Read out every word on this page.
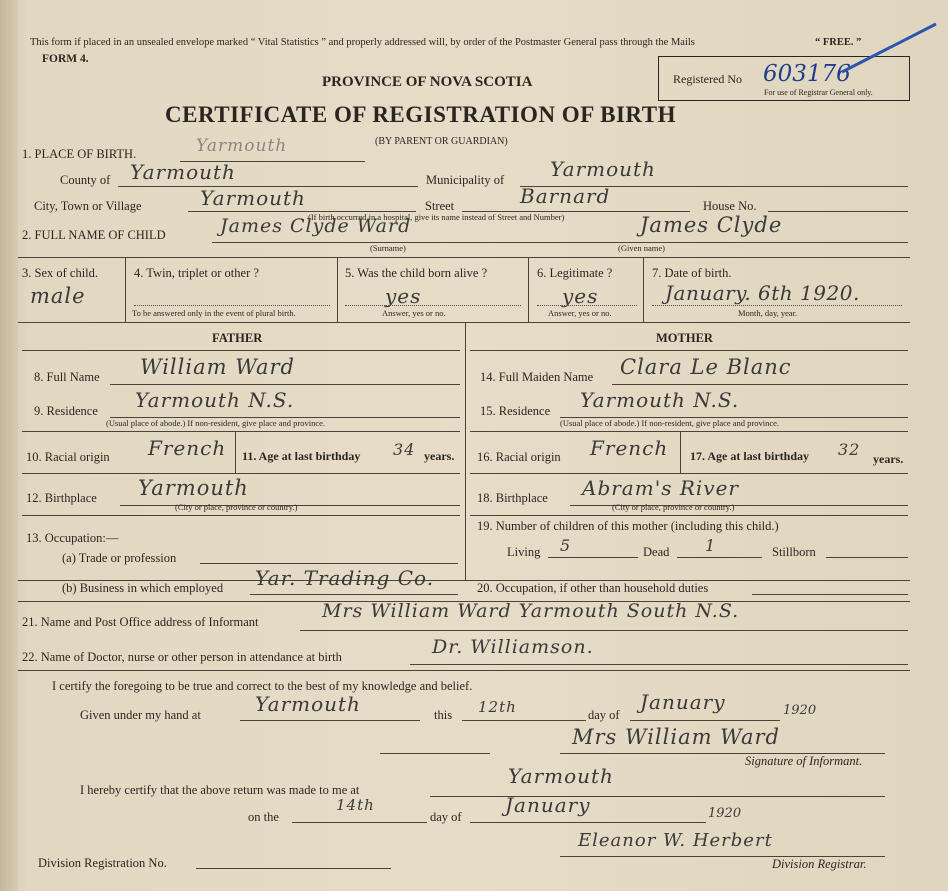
This form if placed in an unsealed envelope marked “ Vital Statistics ” and properly addressed will, by order of the Postmaster General pass through the Mails	“ FREE. ”
FORM 4.
PROVINCE OF NOVA SCOTIA
CERTIFICATE OF REGISTRATION OF BIRTH
(BY PARENT OR GUARDIAN)
Registered No 603176
For use of Registrar General only.
1. PLACE OF BIRTH.	Yarmouth
County of Yarmouth	Municipality of Yarmouth
City, Town or Village	Yarmouth	Street	Barnard	House No.
(If birth occurred in a hospital, give its name instead of Street and Number)
2. FULL NAME OF CHILD	James Clyde Ward	James Clyde
(Surname)	(Given name)
3. Sex of child.
male
4. Twin, triplet or other ?
To be answered only in the event of plural birth.
5. Was the child born alive ?
yes
Answer, yes or no.
6. Legitimate ?
yes
Answer, yes or no.
7. Date of birth.
January. 6th 1920.
Month, day, year.
FATHER	MOTHER
8. Full Name William Ward
9. Residence Yarmouth N.S.
(Usual place of abode.) If non-resident, give place and province.
10. Racial origin French 11. Age at last birthday 34 years.
12. Birthplace Yarmouth
(City or place, province or country.)
13. Occupation:—
(a) Trade or profession
(b) Business in which employed Yar. Trading Co.
14. Full Maiden Name Clara Le Blanc
15. Residence Yarmouth N.S.
(Usual place of abode.) If non-resident, give place and province.
16. Racial origin French 17. Age at last birthday 32 years.
18. Birthplace Abram's River
(City or place, province or country.)
19. Number of children of this mother (including this child.)
Living 5	Dead 1	Stillborn
20. Occupation, if other than household duties
21. Name and Post Office address of Informant	Mrs William Ward Yarmouth South N.S.
22. Name of Doctor, nurse or other person in attendance at birth	Dr. Williamson.
I certify the foregoing to be true and correct to the best of my knowledge and belief.
Given under my hand at	Yarmouth	this 12th	day of
January	1920
Mrs William Ward
Signature of Informant.
I hereby certify that the above return was made to me at
Yarmouth
on the
14th
day of January	1920
Division Registration No.
Eleanor W. Herbert
Division Registrar.
